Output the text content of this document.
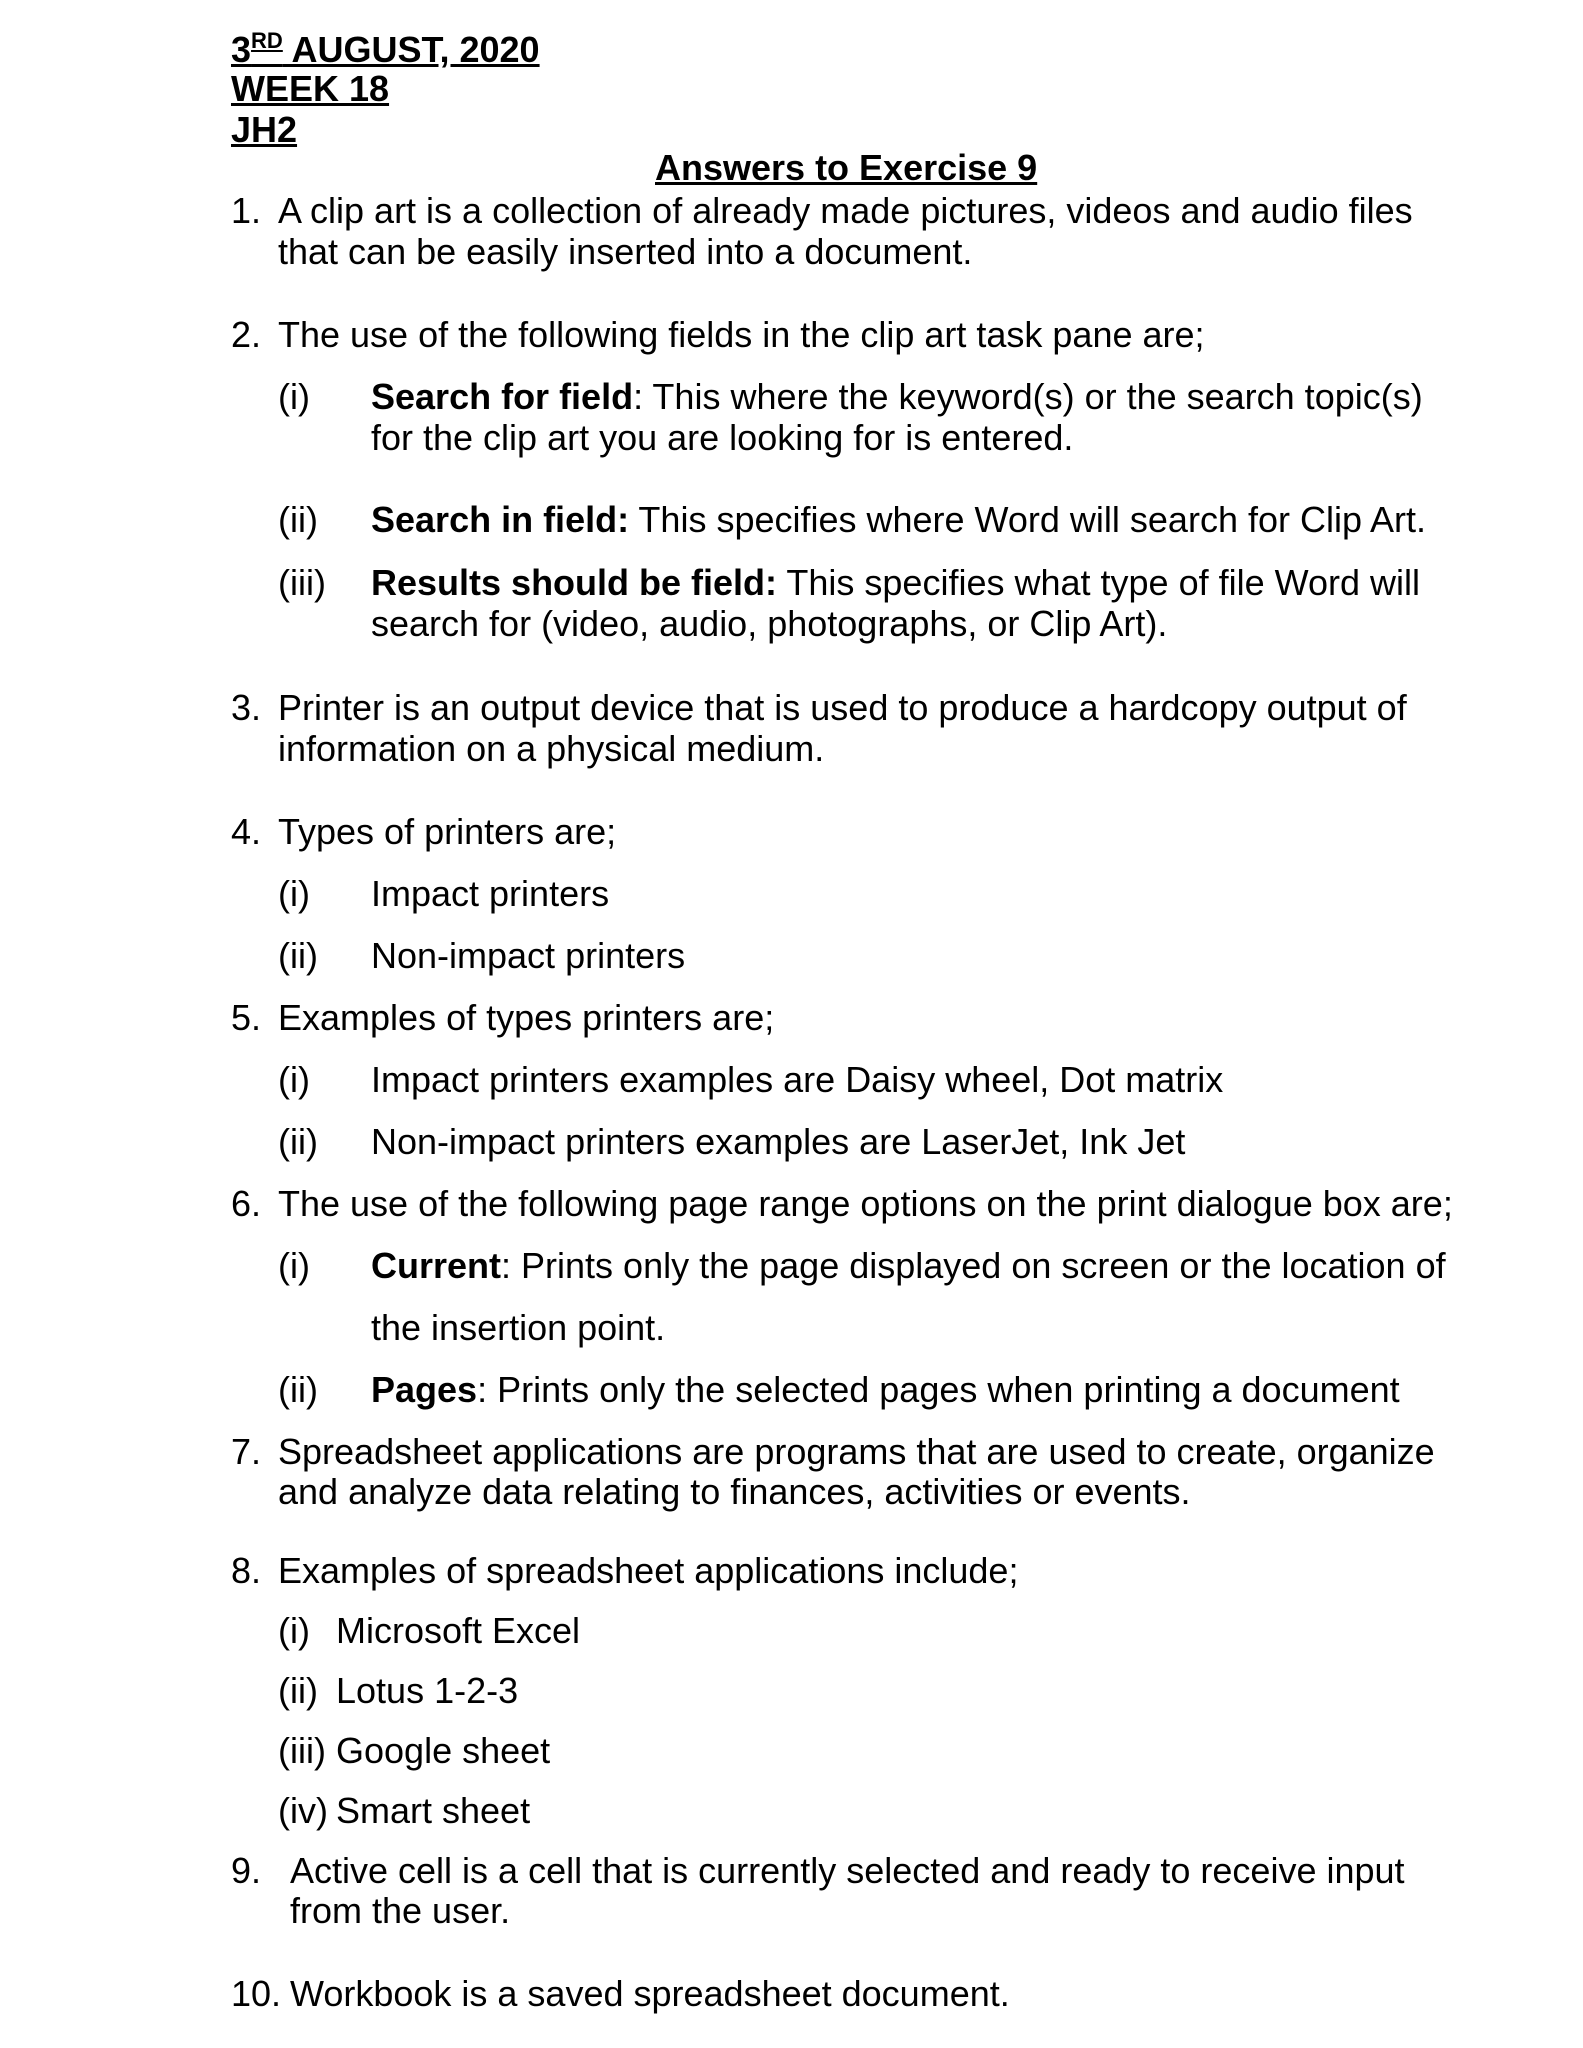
3RD AUGUST, 2020
WEEK 18
JH2
Answers to Exercise 9
1. A clip art is a collection of already made pictures, videos and audio files
that can be easily inserted into a document.
2. The use of the following fields in the clip art task pane are;
(i) Search for field: This where the keyword(s) or the search topic(s)
for the clip art you are looking for is entered.
(ii) Search in field: This specifies where Word will search for Clip Art.
(iii) Results should be field: This specifies what type of file Word will
search for (video, audio, photographs, or Clip Art).
3. Printer is an output device that is used to produce a hardcopy output of
information on a physical medium.
4. Types of printers are;
(i) Impact printers
(ii) Non-impact printers
5. Examples of types printers are;
(i) Impact printers examples are Daisy wheel, Dot matrix
(ii) Non-impact printers examples are LaserJet, Ink Jet
6. The use of the following page range options on the print dialogue box are;
(i) Current: Prints only the page displayed on screen or the location of
the insertion point.
(ii) Pages: Prints only the selected pages when printing a document
7. Spreadsheet applications are programs that are used to create, organize
and analyze data relating to finances, activities or events.
8. Examples of spreadsheet applications include;
(i) Microsoft Excel
(ii) Lotus 1-2-3
(iii) Google sheet
(iv) Smart sheet
9. Active cell is a cell that is currently selected and ready to receive input
from the user.
10. Workbook is a saved spreadsheet document.
